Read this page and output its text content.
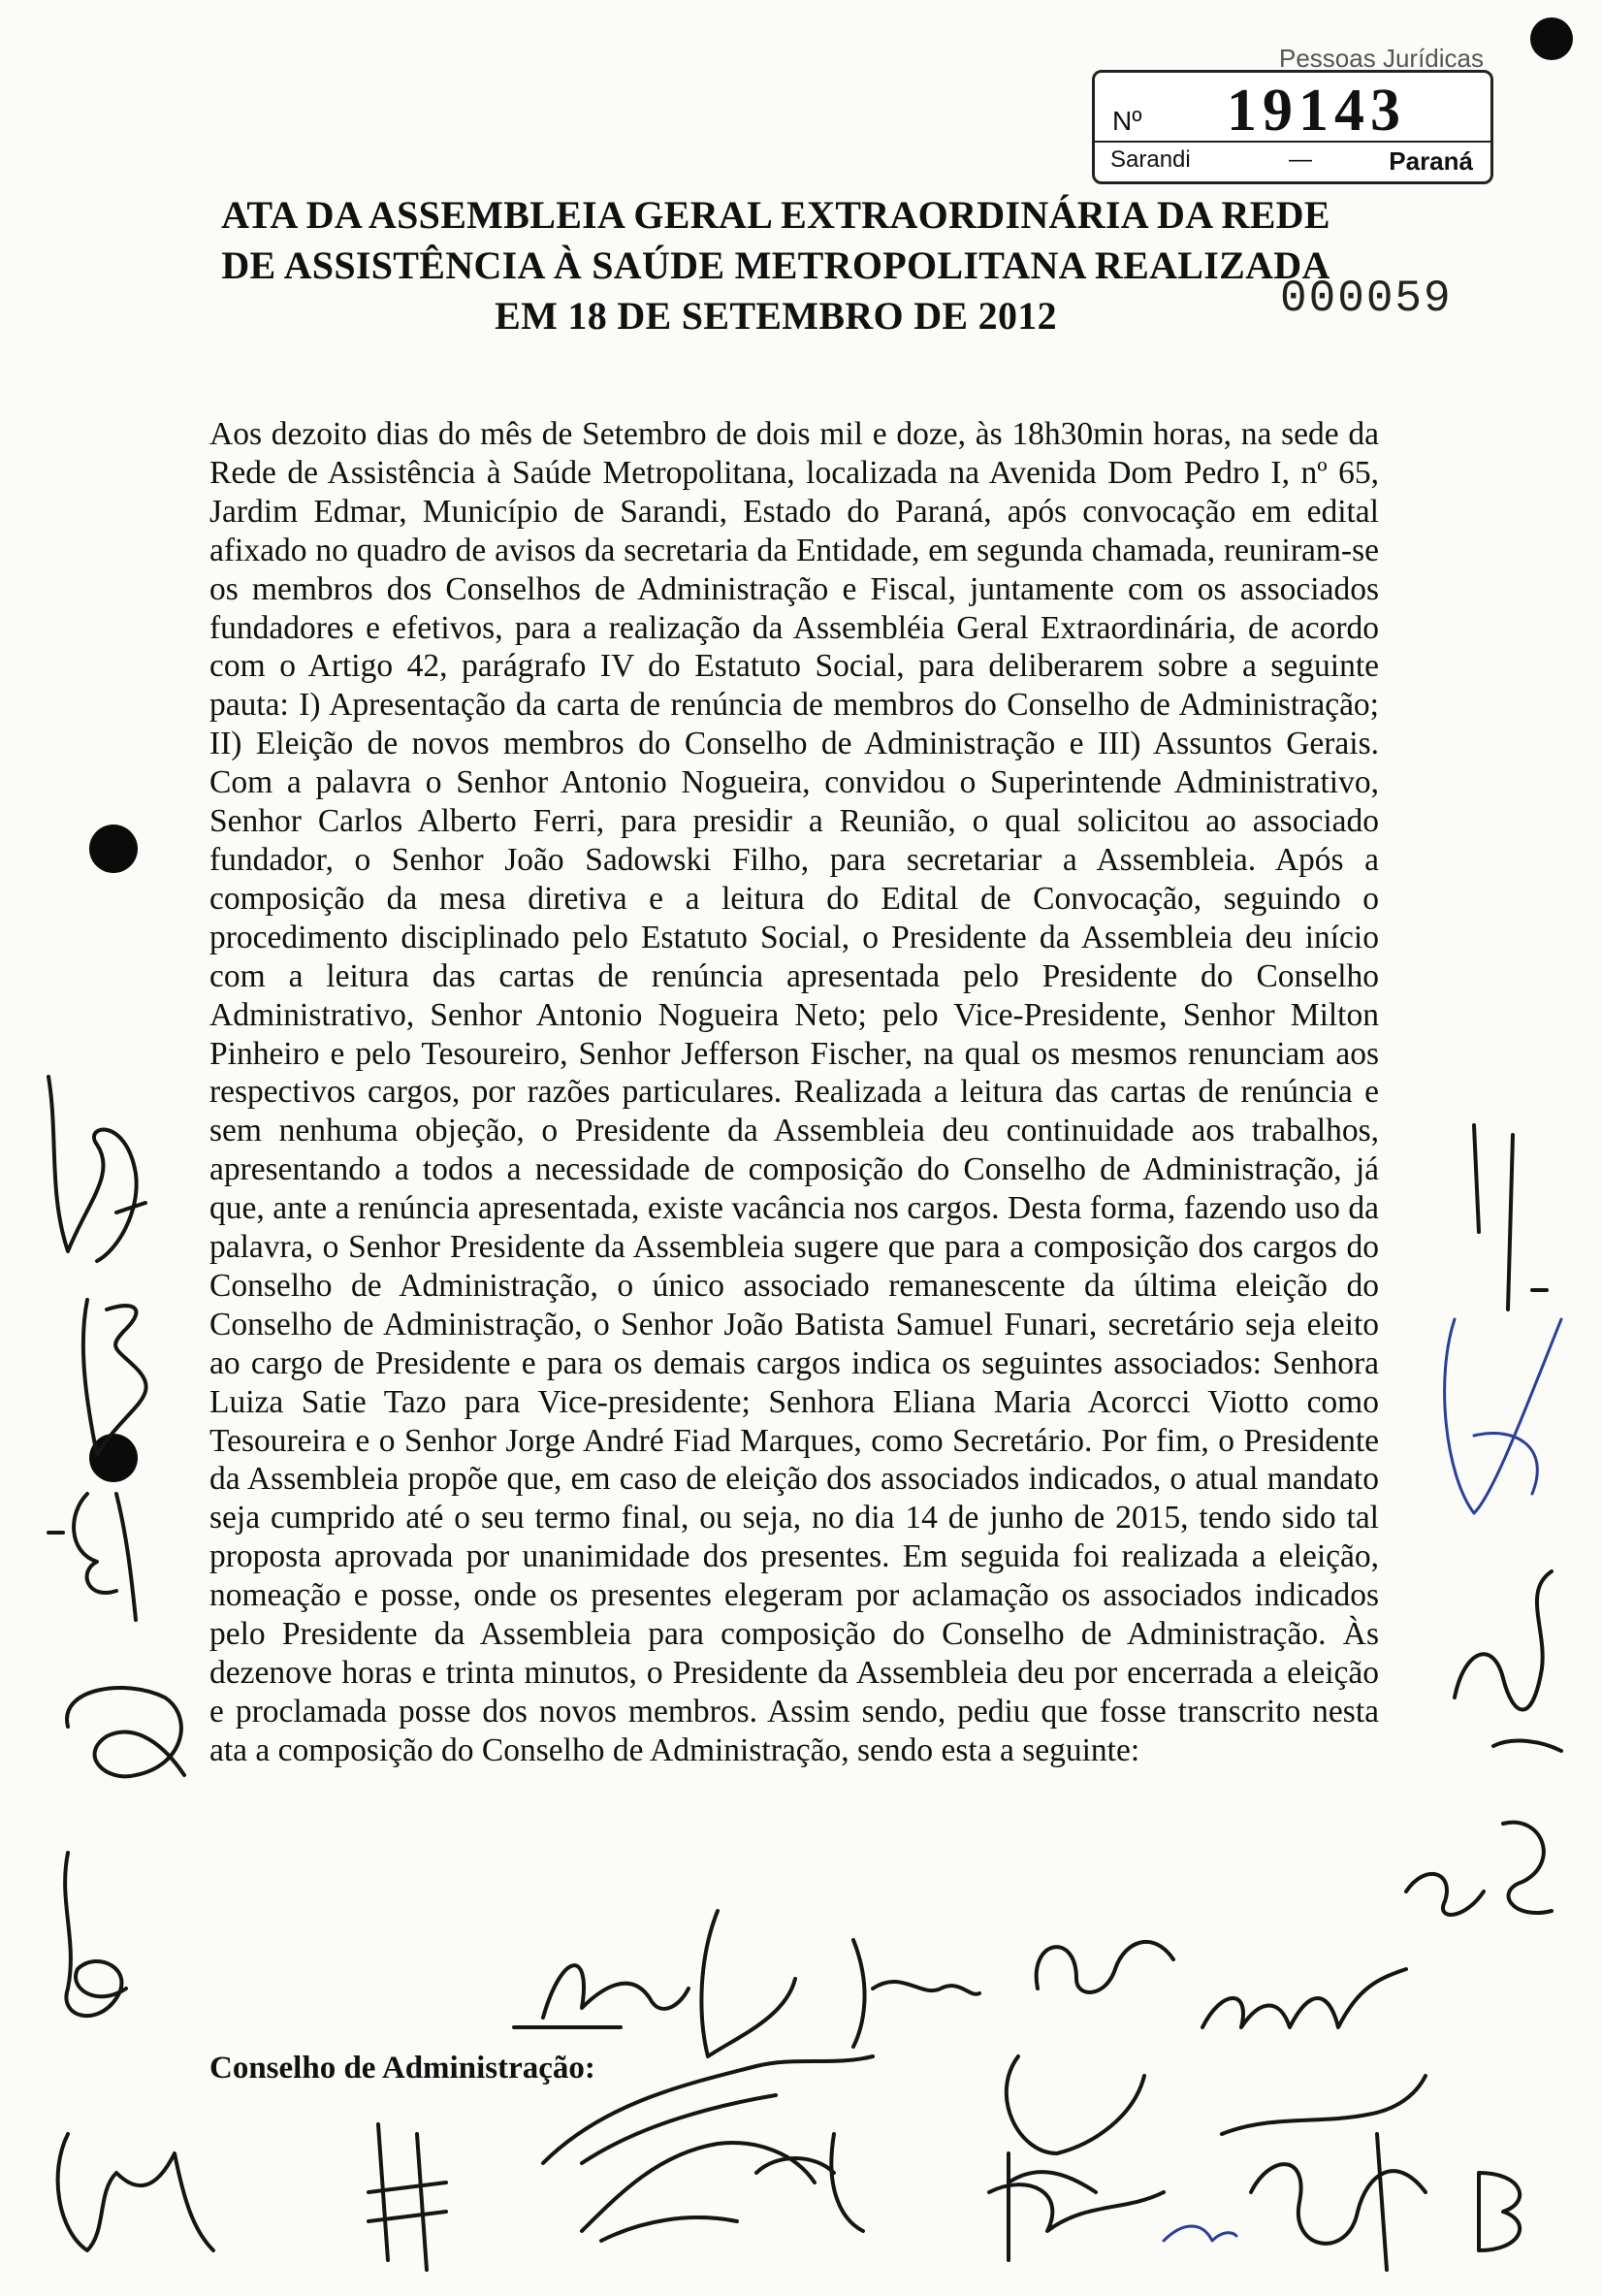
Pessoas Jurídicas
Nº 19143
Sarandi	—	Paraná
ATA DA ASSEMBLEIA GERAL EXTRAORDINÁRIA DA REDE DE ASSISTÊNCIA À SAÚDE METROPOLITANA REALIZADA EM 18 DE SETEMBRO DE 2012	000059
Aos dezoito dias do mês de Setembro de dois mil e doze, às 18h30min horas, na sede da Rede de Assistência à Saúde Metropolitana, localizada na Avenida Dom Pedro I, nº 65, Jardim Edmar, Município de Sarandi, Estado do Paraná, após convocação em edital afixado no quadro de avisos da secretaria da Entidade, em segunda chamada, reuniram-se os membros dos Conselhos de Administração e Fiscal, juntamente com os associados fundadores e efetivos, para a realização da Assembléia Geral Extraordinária, de acordo com o Artigo 42, parágrafo IV do Estatuto Social, para deliberarem sobre a seguinte pauta: I) Apresentação da carta de renúncia de membros do Conselho de Administração; II) Eleição de novos membros do Conselho de Administração e III) Assuntos Gerais. Com a palavra o Senhor Antonio Nogueira, convidou o Superintende Administrativo, Senhor Carlos Alberto Ferri, para presidir a Reunião, o qual solicitou ao associado fundador, o Senhor João Sadowski Filho, para secretariar a Assembleia. Após a composição da mesa diretiva e a leitura do Edital de Convocação, seguindo o procedimento disciplinado pelo Estatuto Social, o Presidente da Assembleia deu início com a leitura das cartas de renúncia apresentada pelo Presidente do Conselho Administrativo, Senhor Antonio Nogueira Neto; pelo Vice-Presidente, Senhor Milton Pinheiro e pelo Tesoureiro, Senhor Jefferson Fischer, na qual os mesmos renunciam aos respectivos cargos, por razões particulares. Realizada a leitura das cartas de renúncia e sem nenhuma objeção, o Presidente da Assembleia deu continuidade aos trabalhos, apresentando a todos a necessidade de composição do Conselho de Administração, já que, ante a renúncia apresentada, existe vacância nos cargos. Desta forma, fazendo uso da palavra, o Senhor Presidente da Assembleia sugere que para a composição dos cargos do Conselho de Administração, o único associado remanescente da última eleição do Conselho de Administração, o Senhor João Batista Samuel Funari, secretário seja eleito ao cargo de Presidente e para os demais cargos indica os seguintes associados: Senhora Luiza Satie Tazo para Vice-presidente; Senhora Eliana Maria Acorcci Viotto como Tesoureira e o Senhor Jorge André Fiad Marques, como Secretário. Por fim, o Presidente da Assembleia propõe que, em caso de eleição dos associados indicados, o atual mandato seja cumprido até o seu termo final, ou seja, no dia 14 de junho de 2015, tendo sido tal proposta aprovada por unanimidade dos presentes. Em seguida foi realizada a eleição, nomeação e posse, onde os presentes elegeram por aclamação os associados indicados pelo Presidente da Assembleia para composição do Conselho de Administração. Às dezenove horas e trinta minutos, o Presidente da Assembleia deu por encerrada a eleição e proclamada posse dos novos membros. Assim sendo, pediu que fosse transcrito nesta ata a composição do Conselho de Administração, sendo esta a seguinte:
Conselho de Administração:
